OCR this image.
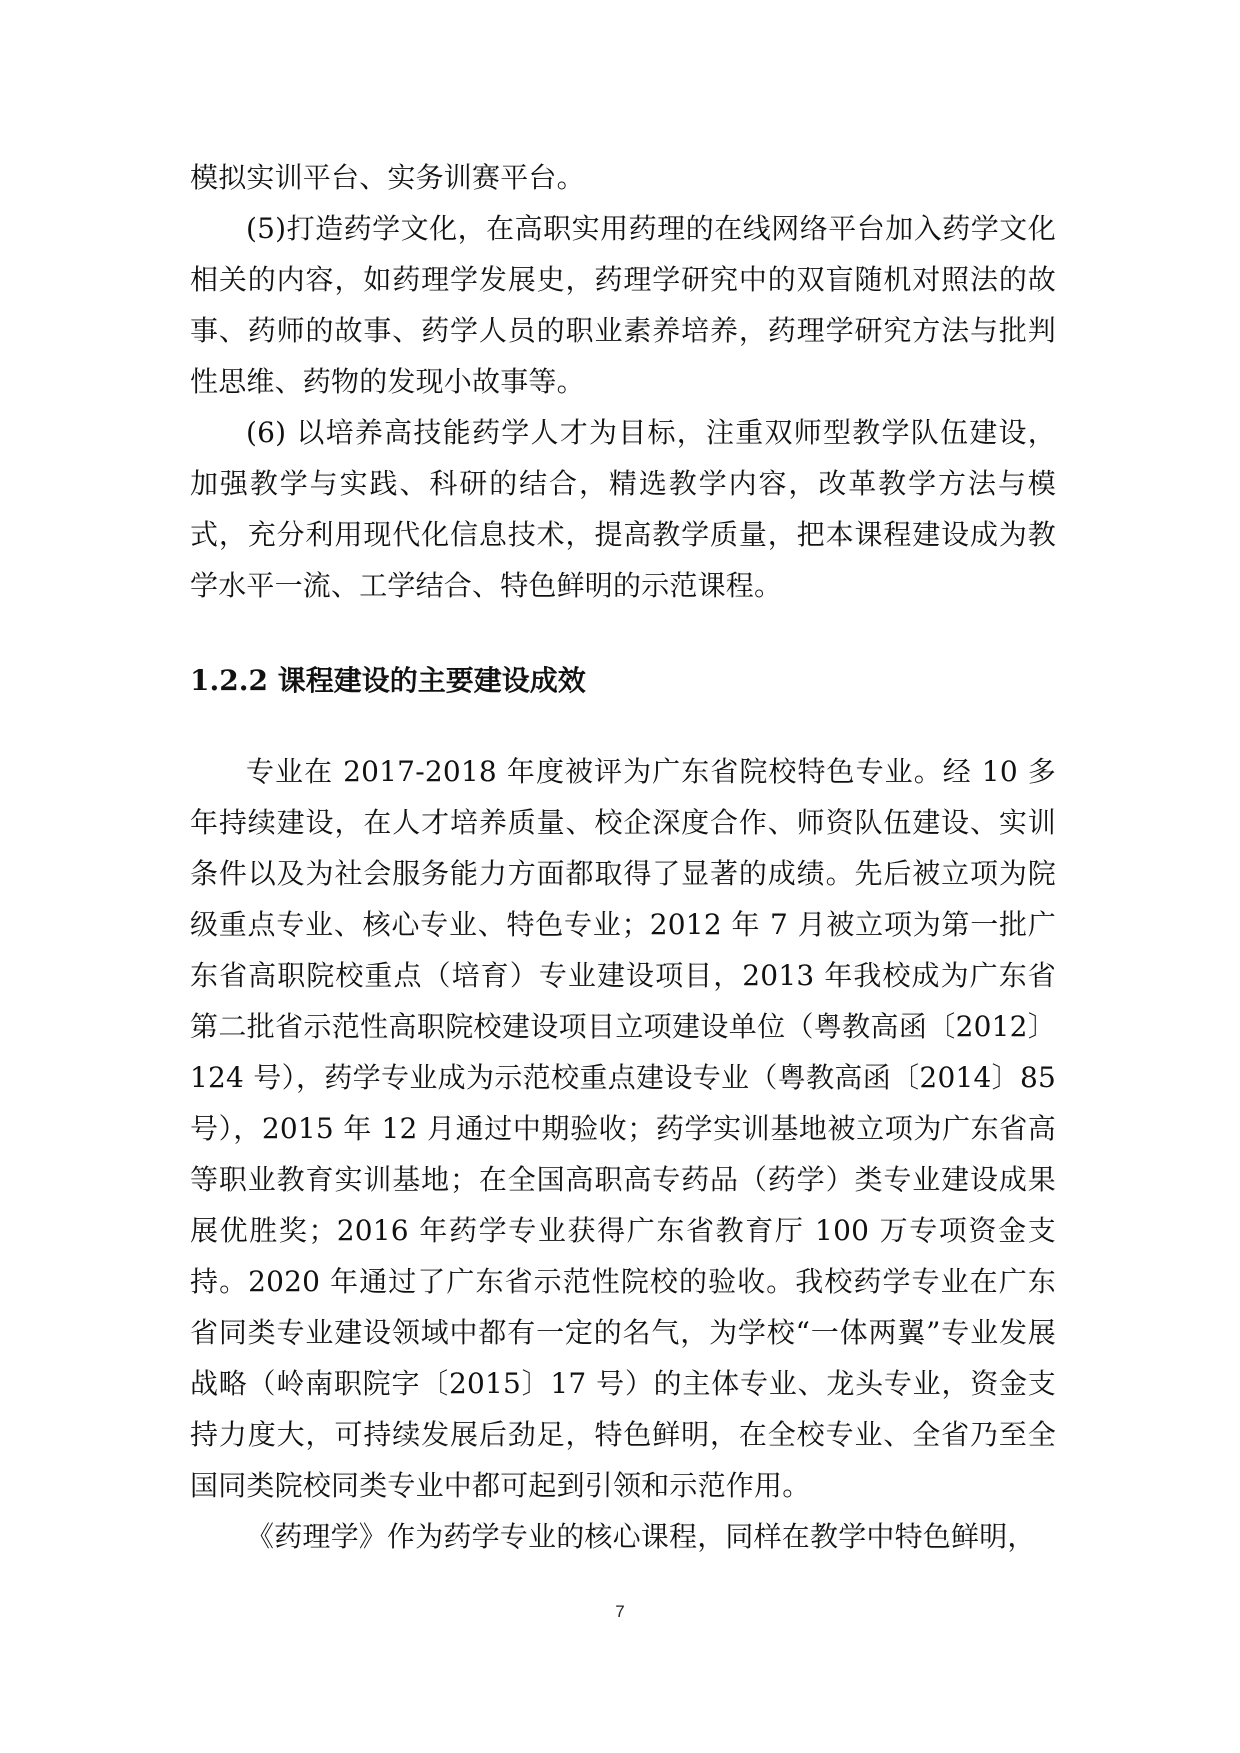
模拟实训平台、实务训赛平台。

(5)打造药学文化，在高职实用药理的在线网络平台加入药学文化相关的内容，如药理学发展史，药理学研究中的双盲随机对照法的故事、药师的故事、药学人员的职业素养培养，药理学研究方法与批判性思维、药物的发现小故事等。

(6) 以培养高技能药学人才为目标，注重双师型教学队伍建设，加强教学与实践、科研的结合，精选教学内容，改革教学方法与模式，充分利用现代化信息技术，提高教学质量，把本课程建设成为教学水平一流、工学结合、特色鲜明的示范课程。

1.2.2 课程建设的主要建设成效

专业在 2017-2018 年度被评为广东省院校特色专业。经 10 多年持续建设，在人才培养质量、校企深度合作、师资队伍建设、实训条件以及为社会服务能力方面都取得了显著的成绩。先后被立项为院级重点专业、核心专业、特色专业；2012 年 7 月被立项为第一批广东省高职院校重点（培育）专业建设项目，2013 年我校成为广东省第二批省示范性高职院校建设项目立项建设单位（粤教高函〔2012〕124 号），药学专业成为示范校重点建设专业（粤教高函〔2014〕85 号），2015 年 12 月通过中期验收；药学实训基地被立项为广东省高等职业教育实训基地；在全国高职高专药品（药学）类专业建设成果展优胜奖；2016 年药学专业获得广东省教育厅 100 万专项资金支持。2020 年通过了广东省示范性院校的验收。我校药学专业在广东省同类专业建设领域中都有一定的名气，为学校“一体两翼”专业发展战略（岭南职院字〔2015〕17 号）的主体专业、龙头专业，资金支持力度大，可持续发展后劲足，特色鲜明，在全校专业、全省乃至全国同类院校同类专业中都可起到引领和示范作用。

《药理学》作为药学专业的核心课程，同样在教学中特色鲜明，

7
